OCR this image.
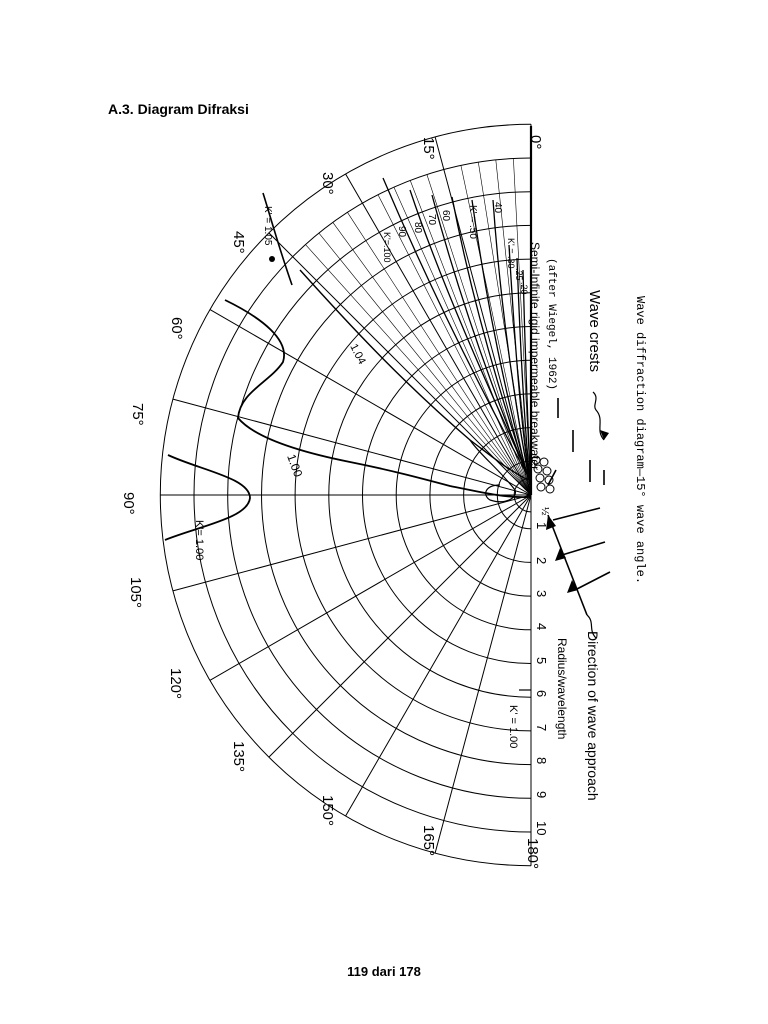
A.3. Diagram Difraksi
0°
15°
30°
45°
60°
75°
90°
105°
120°
135°
150°
165°	180°
½
1
2
3
4
5
6
7
8
9
10
K' = 1.05
K'= 1.00
K' = 1.00
K'=.100
90 80
70 60 K' = .50 40
K' = .30
.25
.20
1.04
1.00	Semi-Infinite rigid impermeable breakwater (after Wiegel, 1962) Wave crests
Radius/wavelength Direction of wave approach
Wave diffraction diagram—15° wave angle.
119 dari 178
